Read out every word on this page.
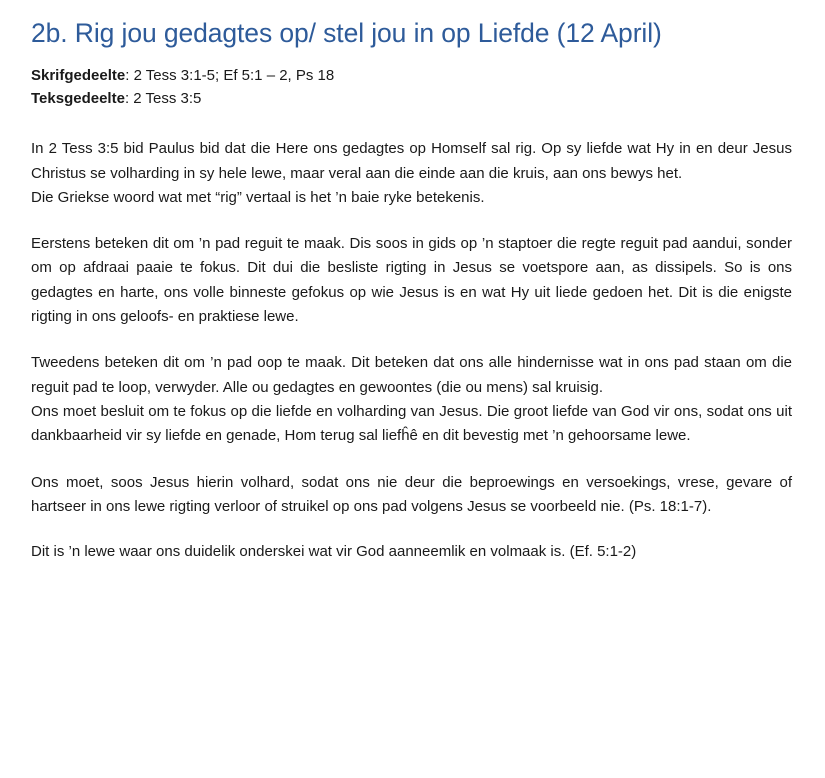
2b. Rig jou gedagtes op/ stel jou in op Liefde (12 April)

Skrifgedeelte: 2 Tess 3:1-5; Ef 5:1 – 2, Ps 18

Teksgedeelte: 2 Tess 3:5

In 2 Tess 3:5 bid Paulus bid dat die Here ons gedagtes op Homself sal rig. Op sy liefde wat Hy in en deur Jesus Christus se volharding in sy hele lewe, maar veral aan die einde aan die kruis, aan ons bewys het.

Die Griekse woord wat met “rig” vertaal is het ’n baie ryke betekenis.

Eerstens beteken dit om ’n pad reguit te maak. Dis soos in gids op ’n staptoer die regte reguit pad aandui, sonder om op afdraai paaie te fokus. Dit dui die besliste rigting in Jesus se voetspore aan, as dissipels. So is ons gedagtes en harte, ons volle binneste gefokus op wie Jesus is en wat Hy uit liede gedoen het. Dit is die enigste rigting in ons geloofs- en praktiese lewe.

Tweedens beteken dit om ’n pad oop te maak. Dit beteken dat ons alle hindernisse wat in ons pad staan om die reguit pad te loop, verwyder. Alle ou gedagtes en gewoontes (die ou mens) sal kruisig.

Ons moet besluit om te fokus op die liefde en volharding van Jesus. Die groot liefde van God vir ons, sodat ons uit dankbaarheid vir sy liefde en genade, Hom terug sal liefĥê en dit bevestig met ’n gehoorsame lewe.

Ons moet, soos Jesus hierin volhard, sodat ons nie deur die beproewings en versoekings, vrese, gevare of hartseer in ons lewe rigting verloor of struikel op ons pad volgens Jesus se voorbeeld nie. (Ps. 18:1-7).

Dit is ’n lewe waar ons duidelik onderskei wat vir God aanneemlik en volmaak is. (Ef. 5:1-2)
